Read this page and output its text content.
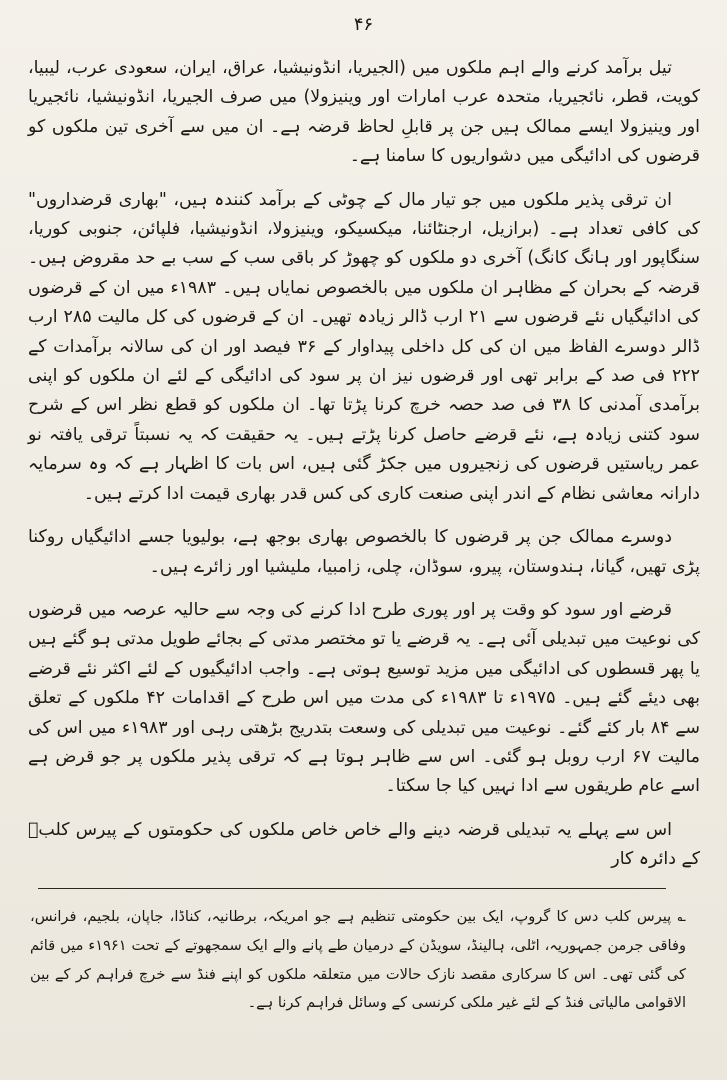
۴۶

تیل برآمد کرنے والے اہم ملکوں میں (الجیریا، انڈونیشیا، عراق، ایران، سعودی عرب، لیبیا، کویت، قطر، نائجیریا، متحدہ عرب امارات اور وینیزولا) میں صرف الجیریا، انڈونیشیا، نائجیریا اور وینیزولا ایسے ممالک ہیں جن پر قابلِ لحاظ قرضہ ہے۔ ان میں سے آخری تین ملکوں کو قرضوں کی ادائیگی میں دشواریوں کا سامنا ہے۔

ان ترقی پذیر ملکوں میں جو تیار مال کے چوٹی کے برآمد کنندہ ہیں، "بھاری قرضداروں" کی کافی تعداد ہے۔ (برازیل، ارجنٹائنا، میکسیکو، وینیزولا، انڈونیشیا، فلپائن، جنوبی کوریا، سنگاپور اور ہانگ کانگ) آخری دو ملکوں کو چھوڑ کر باقی سب کے سب بے حد مقروض ہیں۔ قرضہ کے بحران کے مظاہر ان ملکوں میں بالخصوص نمایاں ہیں۔ ۱۹۸۳ء میں ان کے قرضوں کی ادائیگیاں نئے قرضوں سے ۲۱ ارب ڈالر زیادہ تھیں۔ ان کے قرضوں کی کل مالیت ۲۸۵ ارب ڈالر دوسرے الفاظ میں ان کی کل داخلی پیداوار کے ۳۶ فیصد اور ان کی سالانہ برآمدات کے ۲۲۲ فی صد کے برابر تھی اور قرضوں نیز ان پر سود کی ادائیگی کے لئے ان ملکوں کو اپنی برآمدی آمدنی کا ۳۸ فی صد حصہ خرچ کرنا پڑتا تھا۔ ان ملکوں کو قطع نظر اس کے شرح سود کتنی زیادہ ہے، نئے قرضے حاصل کرنا پڑتے ہیں۔ یہ حقیقت کہ یہ نسبتاً ترقی یافتہ نو عمر ریاستیں قرضوں کی زنجیروں میں جکڑ گئی ہیں، اس بات کا اظہار ہے کہ وہ سرمایہ دارانہ معاشی نظام کے اندر اپنی صنعت کاری کی کس قدر بھاری قیمت ادا کرتے ہیں۔

دوسرے ممالک جن پر قرضوں کا بالخصوص بھاری بوجھ ہے، بولیویا جسے ادائیگیاں روکنا پڑی تھیں، گیانا، ہندوستان، پیرو، سوڈان، چلی، زامبیا، ملیشیا اور زائرے ہیں۔

قرضے اور سود کو وقت پر اور پوری طرح ادا کرنے کی وجہ سے حالیہ عرصہ میں قرضوں کی نوعیت میں تبدیلی آئی ہے۔ یہ قرضے یا تو مختصر مدتی کے بجائے طویل مدتی ہو گئے ہیں یا پھر قسطوں کی ادائیگی میں مزید توسیع ہوتی ہے۔ واجب ادائیگیوں کے لئے اکثر نئے قرضے بھی دیئے گئے ہیں۔ ۱۹۷۵ء تا ۱۹۸۳ء کی مدت میں اس طرح کے اقدامات ۴۲ ملکوں کے تعلق سے ۸۴ بار کئے گئے۔ نوعیت میں تبدیلی کی وسعت بتدریج بڑھتی رہی اور ۱۹۸۳ء میں اس کی مالیت ۶۷ ارب روبل ہو گئی۔ اس سے ظاہر ہوتا ہے کہ ترقی پذیر ملکوں پر جو قرض ہے اسے عام طریقوں سے ادا نہیں کیا جا سکتا۔

اس سے پہلے یہ تبدیلی قرضہ دینے والے خاص خاص ملکوں کی حکومتوں کے پیرس کلبؔ کے دائرہ کار

؎ پیرس کلب دس کا گروپ، ایک بین حکومتی تنظیم ہے جو امریکہ، برطانیہ، کناڈا، جاپان، بلجیم، فرانس، وفاقی جرمن جمہوریہ، اٹلی، ہالینڈ، سویڈن کے درمیان طے پانے والے ایک سمجھوتے کے تحت ۱۹۶۱ء میں قائم کی گئی تھی۔ اس کا سرکاری مقصد نازک حالات میں متعلقہ ملکوں کو اپنے فنڈ سے خرچ فراہم کر کے بین الاقوامی مالیاتی فنڈ کے لئے غیر ملکی کرنسی کے وسائل فراہم کرنا ہے۔
